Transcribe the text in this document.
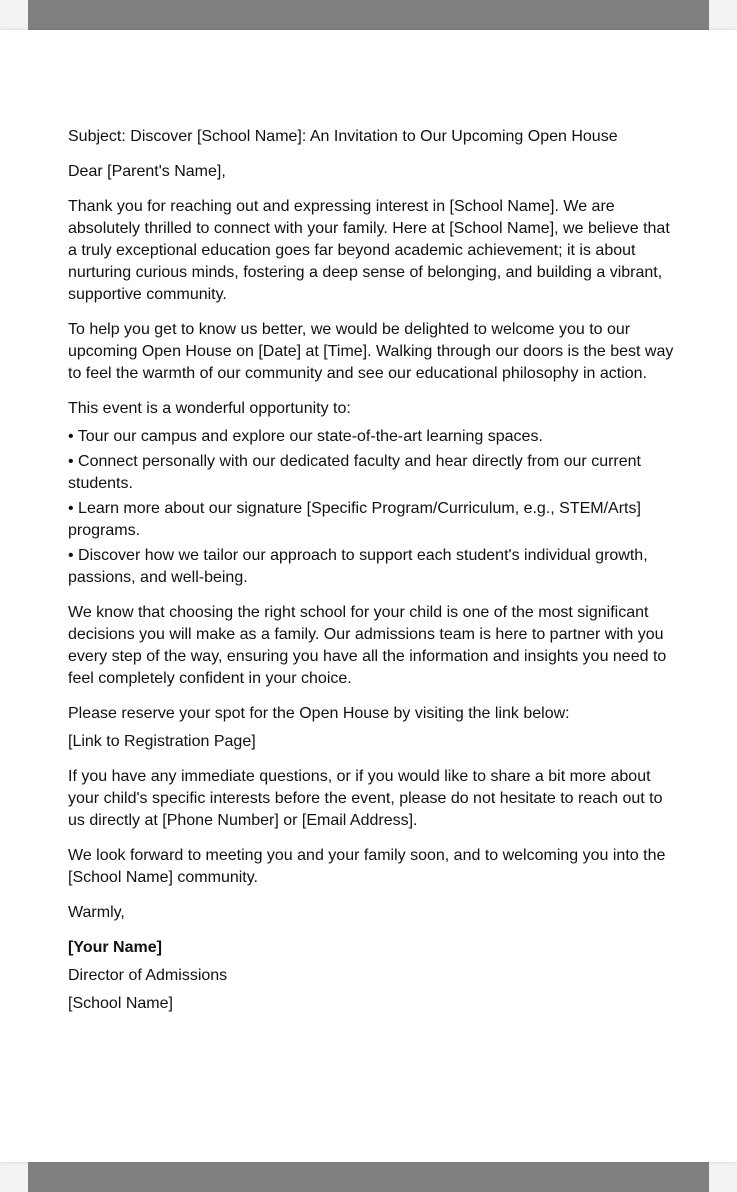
Subject: Discover [School Name]: An Invitation to Our Upcoming Open House

Dear [Parent's Name],

Thank you for reaching out and expressing interest in [School Name]. We are absolutely thrilled to connect with your family. Here at [School Name], we believe that a truly exceptional education goes far beyond academic achievement; it is about nurturing curious minds, fostering a deep sense of belonging, and building a vibrant, supportive community.

To help you get to know us better, we would be delighted to welcome you to our upcoming Open House on [Date] at [Time]. Walking through our doors is the best way to feel the warmth of our community and see our educational philosophy in action.

This event is a wonderful opportunity to:

• Tour our campus and explore our state-of-the-art learning spaces.
• Connect personally with our dedicated faculty and hear directly from our current students.
• Learn more about our signature [Specific Program/Curriculum, e.g., STEM/Arts] programs.
• Discover how we tailor our approach to support each student's individual growth, passions, and well-being.

We know that choosing the right school for your child is one of the most significant decisions you will make as a family. Our admissions team is here to partner with you every step of the way, ensuring you have all the information and insights you need to feel completely confident in your choice.

Please reserve your spot for the Open House by visiting the link below:

[Link to Registration Page]

If you have any immediate questions, or if you would like to share a bit more about your child's specific interests before the event, please do not hesitate to reach out to us directly at [Phone Number] or [Email Address].

We look forward to meeting you and your family soon, and to welcoming you into the [School Name] community.

Warmly,

[Your Name]

Director of Admissions

[School Name]
